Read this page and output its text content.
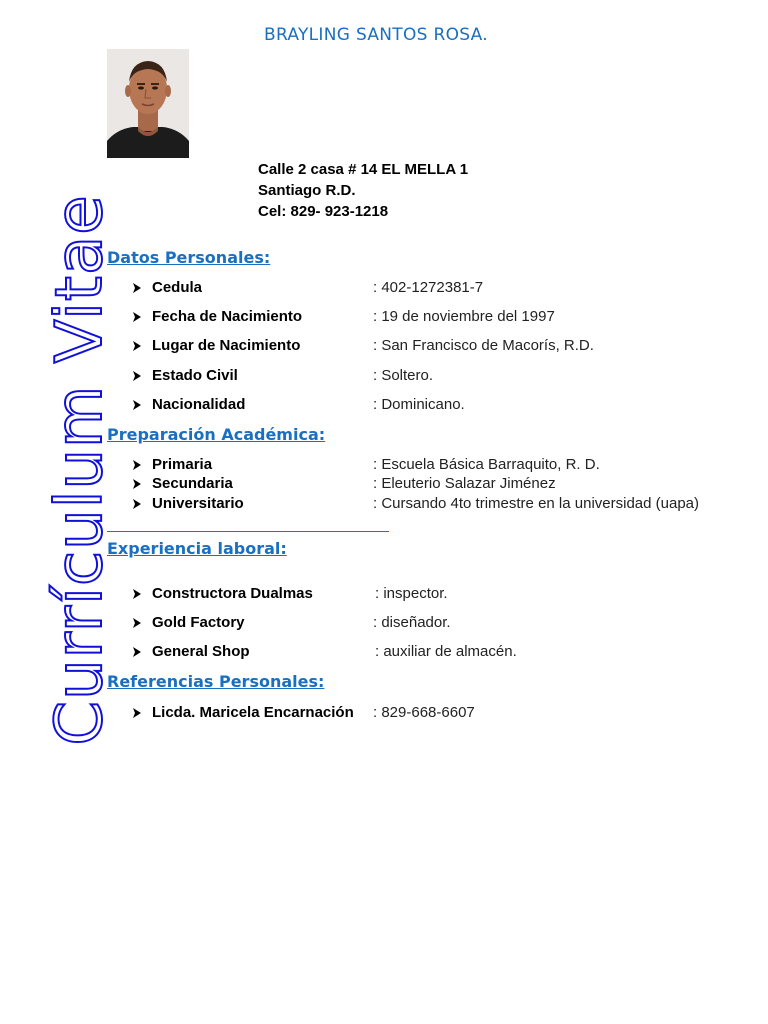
Currículum Vitae
BRAYLING SANTOS ROSA.
Calle 2 casa # 14 EL MELLA 1
Santiago R.D.
Cel: 829- 923-1218
Datos Personales:
Cedula	: 402-1272381-7
Fecha de Nacimiento	: 19 de noviembre del 1997
Lugar de Nacimiento	: San Francisco de Macorís, R.D.
Estado Civil	: Soltero.
Nacionalidad	: Dominicano.
Preparación Académica:
Primaria	: Escuela Básica Barraquito, R. D.
Secundaria	: Eleuterio Salazar Jiménez
Universitario	: Cursando 4to trimestre en la universidad (uapa)
Experiencia laboral:
Constructora Dualmas	: inspector.
Gold Factory	: diseñador.
General Shop	: auxiliar de almacén.
Referencias Personales:
Licda. Maricela Encarnación : 829-668-6607
